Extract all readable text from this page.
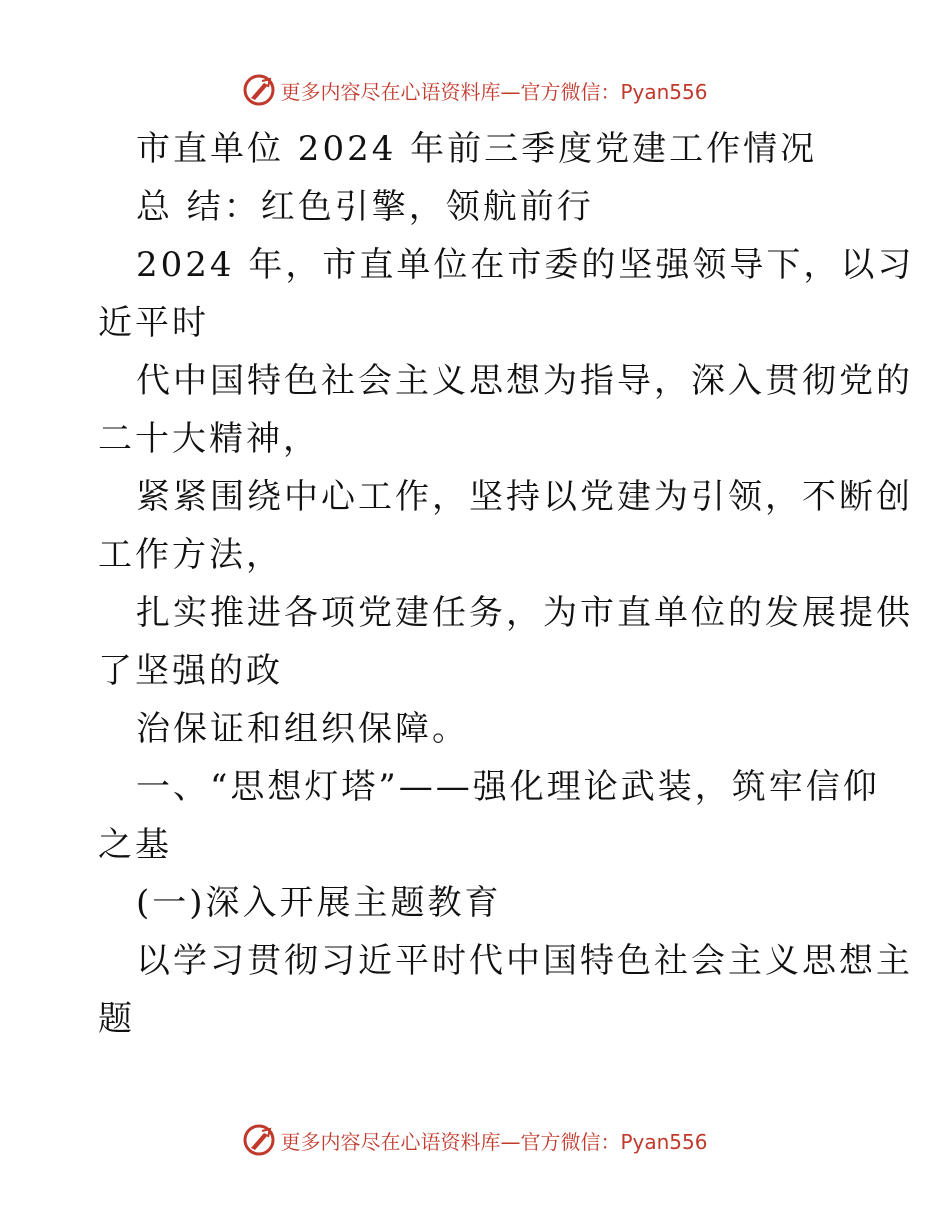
更多内容尽在心语资料库—官方微信：Pyan556
市直单位 2024 年前三季度党建工作情况
总 结：红色引擎，领航前行
2024 年，市直单位在市委的坚强领导下，以习
近平时
代中国特色社会主义思想为指导，深入贯彻党的
二十大精神，
紧紧围绕中心工作，坚持以党建为引领，不断创
工作方法，
扎实推进各项党建任务，为市直单位的发展提供
了坚强的政
治保证和组织保障。
一、“思想灯塔”——强化理论武装，筑牢信仰
之基
(一)深入开展主题教育
以学习贯彻习近平时代中国特色社会主义思想主
题
更多内容尽在心语资料库—官方微信：Pyan556
